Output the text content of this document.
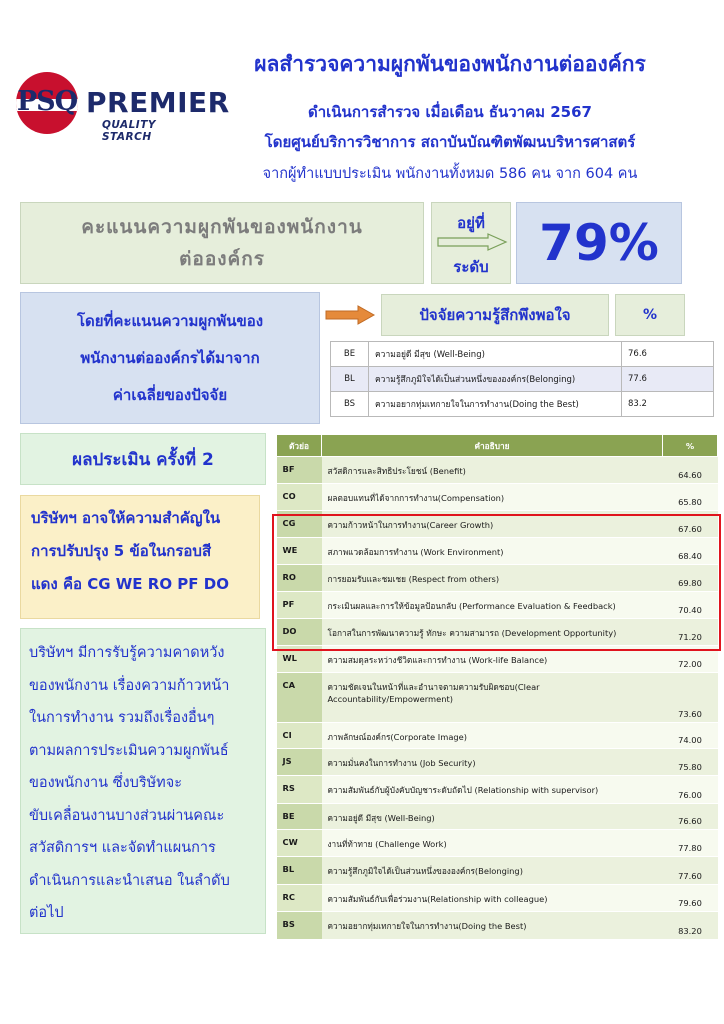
PSQ PREMIER
QUALITY STARCH
ผลสำรวจความผูกพันของพนักงานต่อองค์กร
ดำเนินการสำรวจ เมื่อเดือน ธันวาคม 2567
โดยศูนย์บริการวิชาการ สถาบันบัณฑิตพัฒนบริหารศาสตร์
จากผู้ทำแบบประเมิน พนักงานทั้งหมด 586 คน จาก 604 คน
คะแนนความผูกพันของพนักงาน
ต่อองค์กร
อยู่ที่
ระดับ	79%
โดยที่คะแนนความผูกพันของ
พนักงานต่อองค์กรได้มาจาก
ค่าเฉลี่ยของปัจจัย
ปัจจัยความรู้สึกพึงพอใจ	%
BE	ความอยู่ดี มีสุข (Well-Being)	76.6
BL	ความรู้สึกภูมิใจได้เป็นส่วนหนึ่งขององค์กร(Belonging)	77.6
BS	ความอยากทุ่มเทกายใจในการทำงาน(Doing the Best)	83.2
ผลประเมิน ครั้งที่ 2
บริษัทฯ อาจให้ความสำคัญใน
การปรับปรุง 5 ข้อในกรอบสี
แดง คือ CG WE RO PF DO
บริษัทฯ มีการรับรู้ความคาดหวัง
ของพนักงาน เรื่องความก้าวหน้า
ในการทำงาน รวมถึงเรื่องอื่นๆ
ตามผลการประเมินความผูกพันธ์
ของพนักงาน ซึ่งบริษัทจะ
ขับเคลื่อนงานบางส่วนผ่านคณะ
สวัสดิการฯ และจัดทำแผนการ
ดำเนินการและนำเสนอ ในลำดับ
ต่อไป
ตัวย่อ	คำอธิบาย	%
BF	สวัสดิการและสิทธิประโยชน์ (Benefit)	64.60
CO	ผลตอบแทนที่ได้จากการทำงาน(Compensation)	65.80
CG	ความก้าวหน้าในการทำงาน(Career Growth)	67.60
WE	สภาพแวดล้อมการทำงาน (Work Environment)	68.40
RO	การยอมรับและชมเชย (Respect from others)	69.80
PF	กระเมินผลและการให้ข้อมูลป้อนกลับ (Performance Evaluation & Feedback)	70.40
DO	โอกาสในการพัฒนาความรู้ ทักษะ ความสามารถ (Development Opportunity)	71.20
WL	ความสมดุลระหว่างชีวิตและการทำงาน (Work-life Balance)	72.00
CA	ความชัดเจนในหน้าที่และอำนาจตามความรับผิดชอบ(Clear Accountability/Empowerment)	73.60
CI	ภาพลักษณ์องค์กร(Corporate Image)	74.00
JS	ความมั่นคงในการทำงาน (Job Security)	75.80
RS	ความสัมพันธ์กับผู้บังคับบัญชาระดับถัดไป (Relationship with supervisor)	76.00
BE	ความอยู่ดี มีสุข (Well-Being)	76.60
CW	งานที่ท้าทาย (Challenge Work)	77.80
BL	ความรู้สึกภูมิใจได้เป็นส่วนหนึ่งขององค์กร(Belonging)	77.60
RC	ความสัมพันธ์กับเพื่อร่วมงาน(Relationship with colleague)	79.60
BS	ความอยากทุ่มเทกายใจในการทำงาน(Doing the Best)	83.20
